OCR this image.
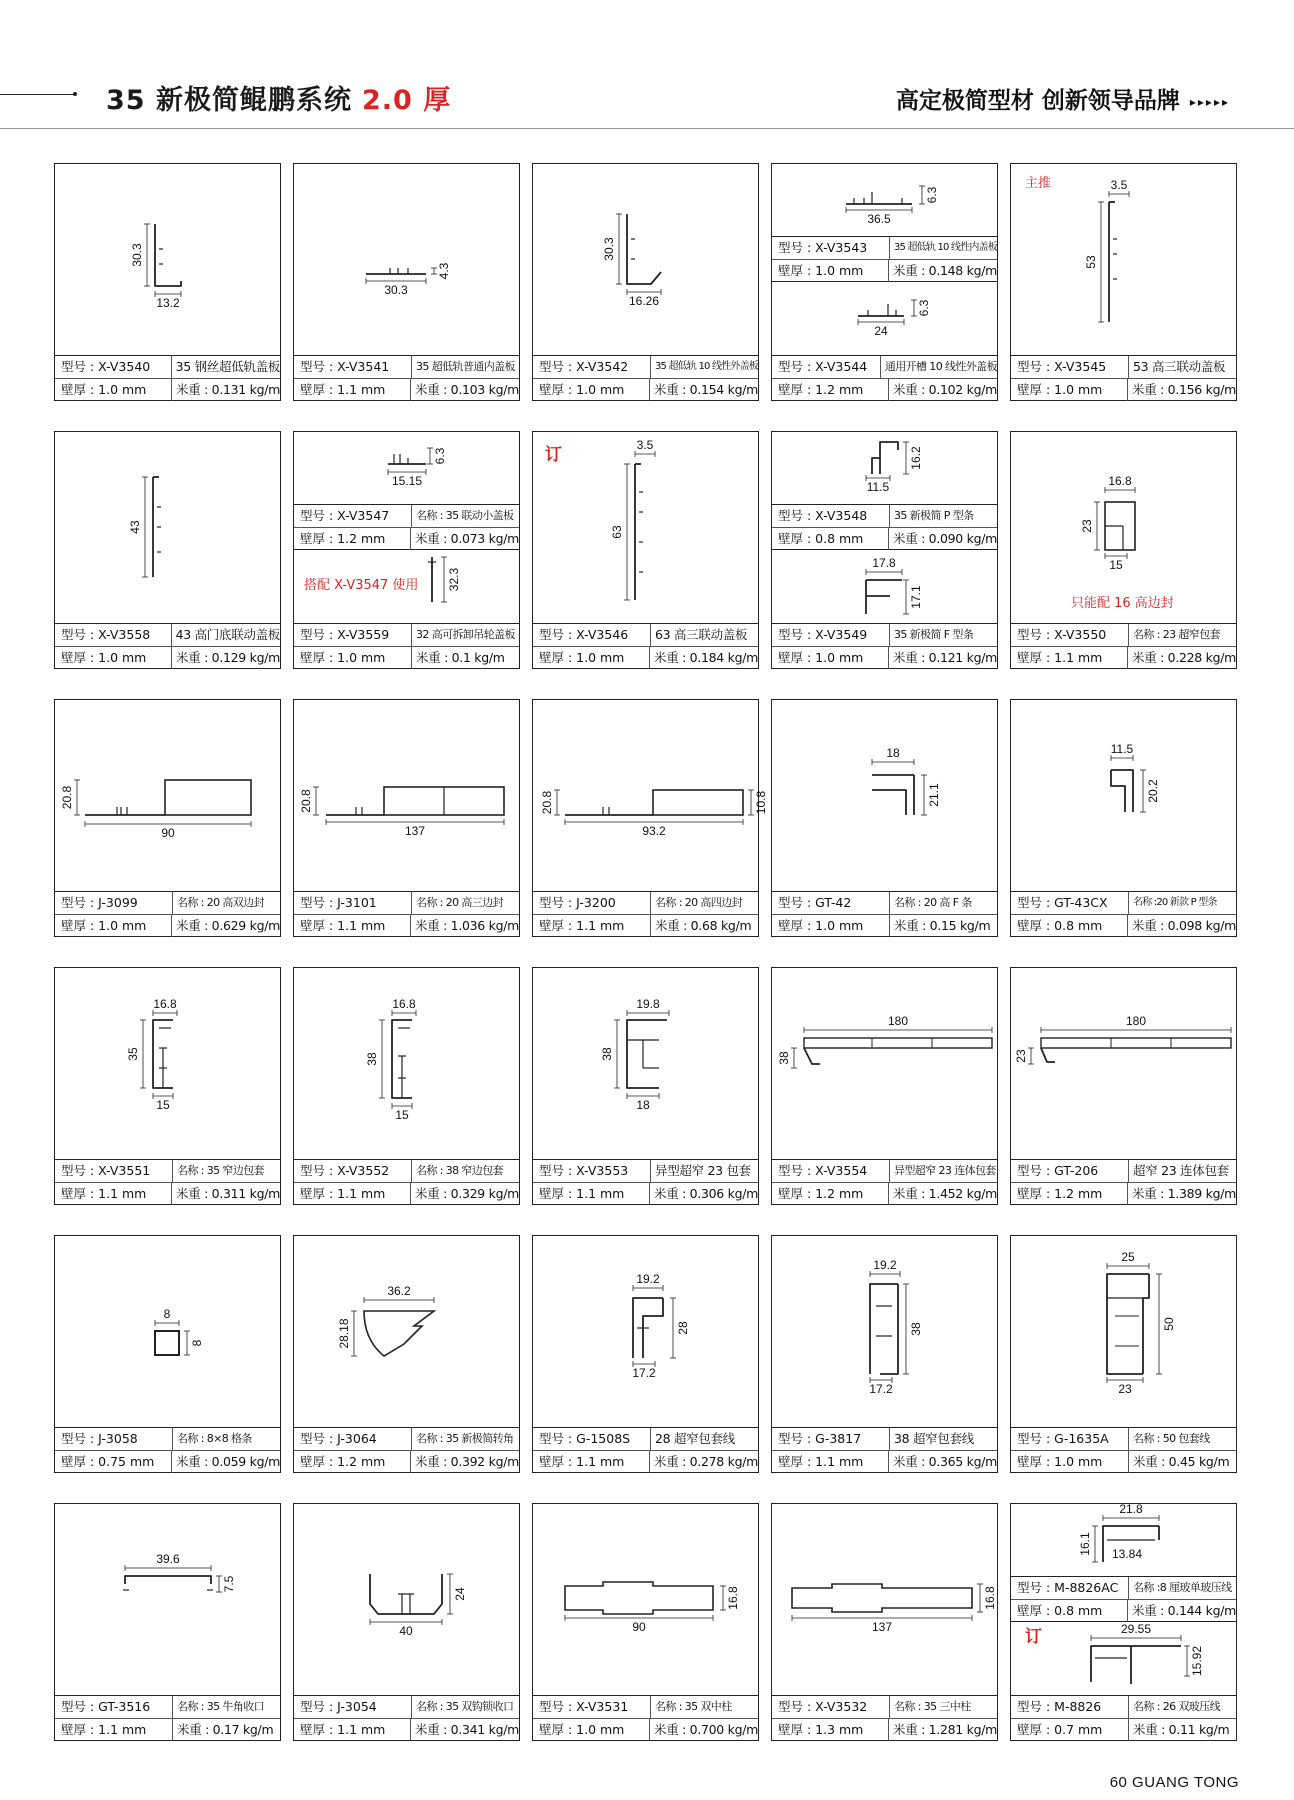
35 新极简鲲鹏系统 2.0 厚	高定极简型材 创新领导品牌 ▸▸▸▸▸
30.3
13.2
型号 : X-V3540	35 钢丝超低轨盖板
壁厚 : 1.0 mm	米重 : 0.131 kg/m
4.3
30.3
型号 : X-V3541	35 超低轨普通内盖板
壁厚 : 1.1 mm	米重 : 0.103 kg/m
30.3
16.26
型号 : X-V3542	35 超低轨 10 线性外盖板
壁厚 : 1.0 mm	米重 : 0.154 kg/m
6.3
36.5
6.3
24
型号 : X-V3543	35 超低轨 10 线性内盖板
壁厚 : 1.0 mm	米重 : 0.148 kg/m
型号 : X-V3544	通用开槽 10 线性外盖板
壁厚 : 1.2 mm	米重 : 0.102 kg/m
3.5
53
型号 : X-V3545	53 高三联动盖板
壁厚 : 1.0 mm	米重 : 0.156 kg/m
主推
43
型号 : X-V3558	43 高门底联动盖板
壁厚 : 1.0 mm	米重 : 0.129 kg/m
6.3
15.15
32.3
型号 : X-V3547	名称 : 35 联动小盖板
壁厚 : 1.2 mm	米重 : 0.073 kg/m
型号 : X-V3559	32 高可拆卸吊轮盖板
壁厚 : 1.0 mm	米重 : 0.1 kg/m
搭配 X-V3547 使用
3.5
63
型号 : X-V3546	63 高三联动盖板
壁厚 : 1.0 mm	米重 : 0.184 kg/m
订	16.2
11.5
17.1
17.8
型号 : X-V3548	35 新极简 P 型条
壁厚 : 0.8 mm	米重 : 0.090 kg/m
型号 : X-V3549	35 新极简 F 型条
壁厚 : 1.0 mm	米重 : 0.121 kg/m
16.8
23
15
型号 : X-V3550	名称 : 23 超窄包套
壁厚 : 1.1 mm	米重 : 0.228 kg/m
只能配 16 高边封
20.8
90
型号 : J-3099	名称 : 20 高双边封
壁厚 : 1.0 mm	米重 : 0.629 kg/m
20.8
137
型号 : J-3101	名称 : 20 高三边封
壁厚 : 1.1 mm	米重 : 1.036 kg/m
20.8	10.8
93.2
型号 : J-3200	名称 : 20 高四边封
壁厚 : 1.1 mm	米重 : 0.68 kg/m
18
21.1
型号 : GT-42	名称 : 20 高 F 条
壁厚 : 1.0 mm	米重 : 0.15 kg/m
11.5
20.2
型号 : GT-43CX	名称 :20 新款 P 型条
壁厚 : 0.8 mm	米重 : 0.098 kg/m
16.8
35
15
型号 : X-V3551	名称 : 35 窄边包套
壁厚 : 1.1 mm	米重 : 0.311 kg/m
16.8
38
15
型号 : X-V3552	名称 : 38 窄边包套
壁厚 : 1.1 mm	米重 : 0.329 kg/m
19.8
38
18
型号 : X-V3553	异型超窄 23 包套
壁厚 : 1.1 mm	米重 : 0.306 kg/m
180
38
型号 : X-V3554	异型超窄 23 连体包套
壁厚 : 1.2 mm	米重 : 1.452 kg/m
180
23
型号 : GT-206	超窄 23 连体包套
壁厚 : 1.2 mm	米重 : 1.389 kg/m
8
8
型号 : J-3058	名称 : 8×8 格条
壁厚 : 0.75 mm	米重 : 0.059 kg/m
36.2
28.18
型号 : J-3064	名称 : 35 新极简转角
壁厚 : 1.2 mm	米重 : 0.392 kg/m
19.2
28
17.2
型号 : G-1508S	28 超窄包套线
壁厚 : 1.1 mm	米重 : 0.278 kg/m
19.2
38
17.2
型号 : G-3817	38 超窄包套线
壁厚 : 1.1 mm	米重 : 0.365 kg/m
25
50
23
型号 : G-1635A	名称 : 50 包套线
壁厚 : 1.0 mm	米重 : 0.45 kg/m
39.6
7.5
型号 : GT-3516	名称 : 35 牛角收口
壁厚 : 1.1 mm	米重 : 0.17 kg/m
24
40
型号 : J-3054	名称 : 35 双钩锁收口
壁厚 : 1.1 mm	米重 : 0.341 kg/m
16.8
90
型号 : X-V3531	名称 : 35 双中柱
壁厚 : 1.0 mm	米重 : 0.700 kg/m
16.8
137
型号 : X-V3532	名称 : 35 三中柱
壁厚 : 1.3 mm	米重 : 1.281 kg/m
21.8
16.1 13.84
29.55
15.92
型号 : M-8826AC	名称 :8 厘玻单玻压线
壁厚 : 0.8 mm	米重 : 0.144 kg/m
型号 : M-8826	名称 : 26 双玻压线
壁厚 : 0.7 mm	米重 : 0.11 kg/m
订
60 GUANG TONG
